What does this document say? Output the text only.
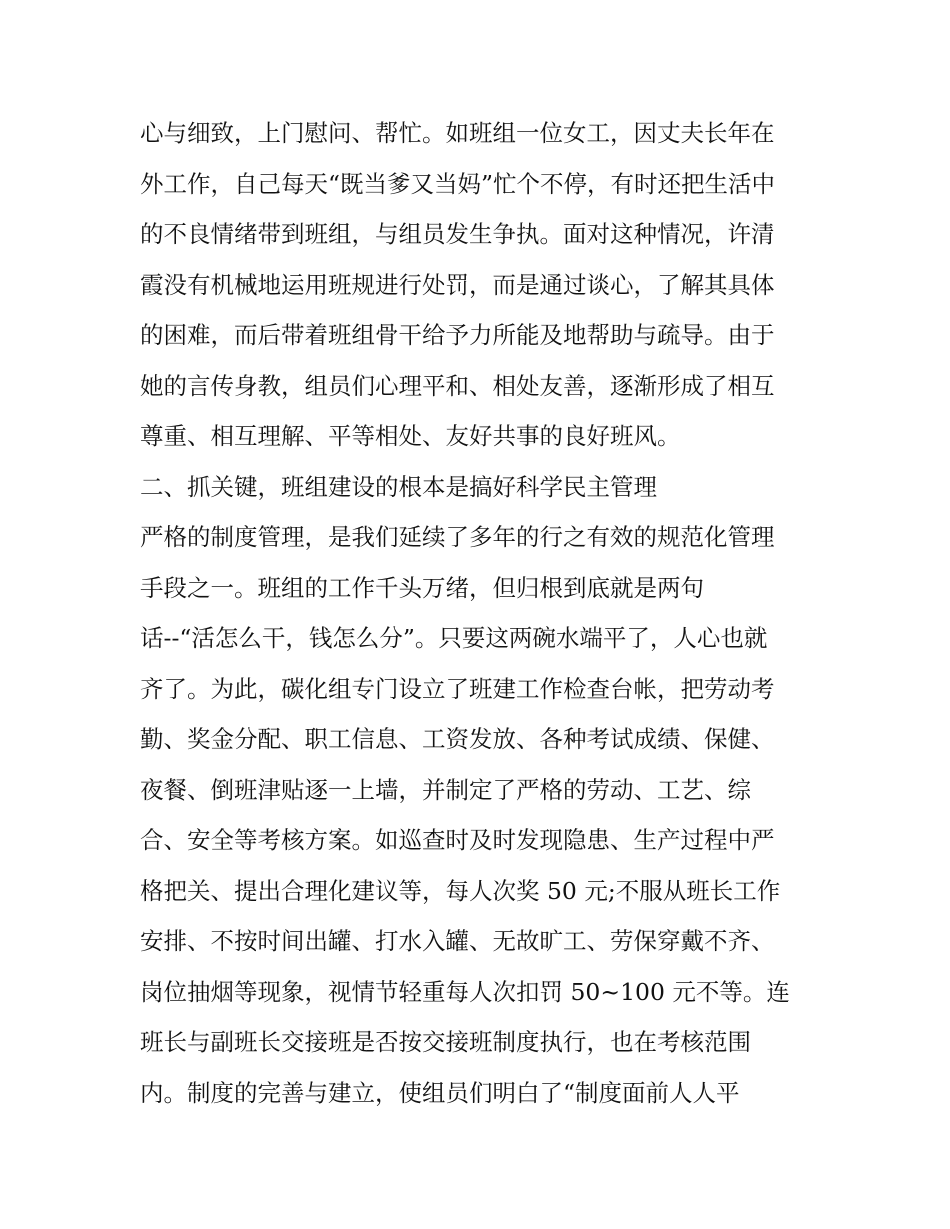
心与细致，上门慰问、帮忙。如班组一位女工，因丈夫长年在
外工作，自己每天“既当爹又当妈”忙个不停，有时还把生活中
的不良情绪带到班组，与组员发生争执。面对这种情况，许清
霞没有机械地运用班规进行处罚，而是通过谈心，了解其具体
的困难，而后带着班组骨干给予力所能及地帮助与疏导。由于
她的言传身教，组员们心理平和、相处友善，逐渐形成了相互
尊重、相互理解、平等相处、友好共事的良好班风。
二、抓关键，班组建设的根本是搞好科学民主管理
严格的制度管理，是我们延续了多年的行之有效的规范化管理
手段之一。班组的工作千头万绪，但归根到底就是两句
话--“活怎么干，钱怎么分”。只要这两碗水端平了，人心也就
齐了。为此，碳化组专门设立了班建工作检查台帐，把劳动考
勤、奖金分配、职工信息、工资发放、各种考试成绩、保健、
夜餐、倒班津贴逐一上墙，并制定了严格的劳动、工艺、综
合、安全等考核方案。如巡查时及时发现隐患、生产过程中严
格把关、提出合理化建议等，每人次奖 50 元;不服从班长工作
安排、不按时间出罐、打水入罐、无故旷工、劳保穿戴不齐、
岗位抽烟等现象，视情节轻重每人次扣罚 50~100 元不等。连
班长与副班长交接班是否按交接班制度执行，也在考核范围
内。制度的完善与建立，使组员们明白了“制度面前人人平
